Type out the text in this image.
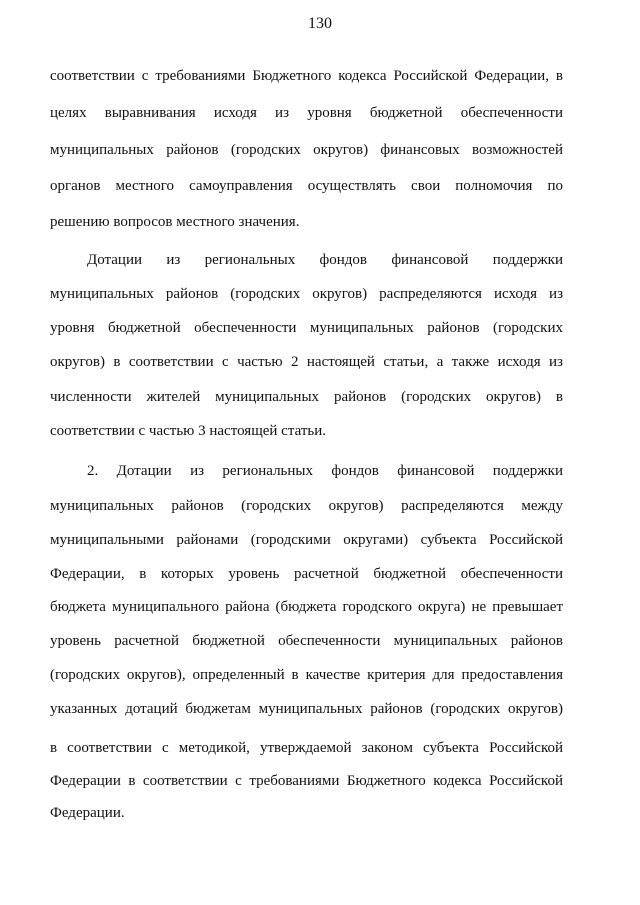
130
соответствии с требованиями Бюджетного кодекса Российской Федерации, в
целях выравнивания исходя из уровня бюджетной обеспеченности
муниципальных районов (городских округов) финансовых возможностей
органов местного самоуправления осуществлять свои полномочия по
решению вопросов местного значения.
Дотации из региональных фондов финансовой поддержки
муниципальных районов (городских округов) распределяются исходя из
уровня бюджетной обеспеченности муниципальных районов (городских
округов) в соответствии с частью 2 настоящей статьи, а также исходя из
численности жителей муниципальных районов (городских округов) в
соответствии с частью 3 настоящей статьи.
2. Дотации из региональных фондов финансовой поддержки
муниципальных районов (городских округов) распределяются между
муниципальными районами (городскими округами) субъекта Российской
Федерации, в которых уровень расчетной бюджетной обеспеченности
бюджета муниципального района (бюджета городского округа) не превышает
уровень расчетной бюджетной обеспеченности муниципальных районов
(городских округов), определенный в качестве критерия для предоставления
указанных дотаций бюджетам муниципальных районов (городских округов)
в соответствии с методикой, утверждаемой законом субъекта Российской
Федерации в соответствии с требованиями Бюджетного кодекса Российской
Федерации.
